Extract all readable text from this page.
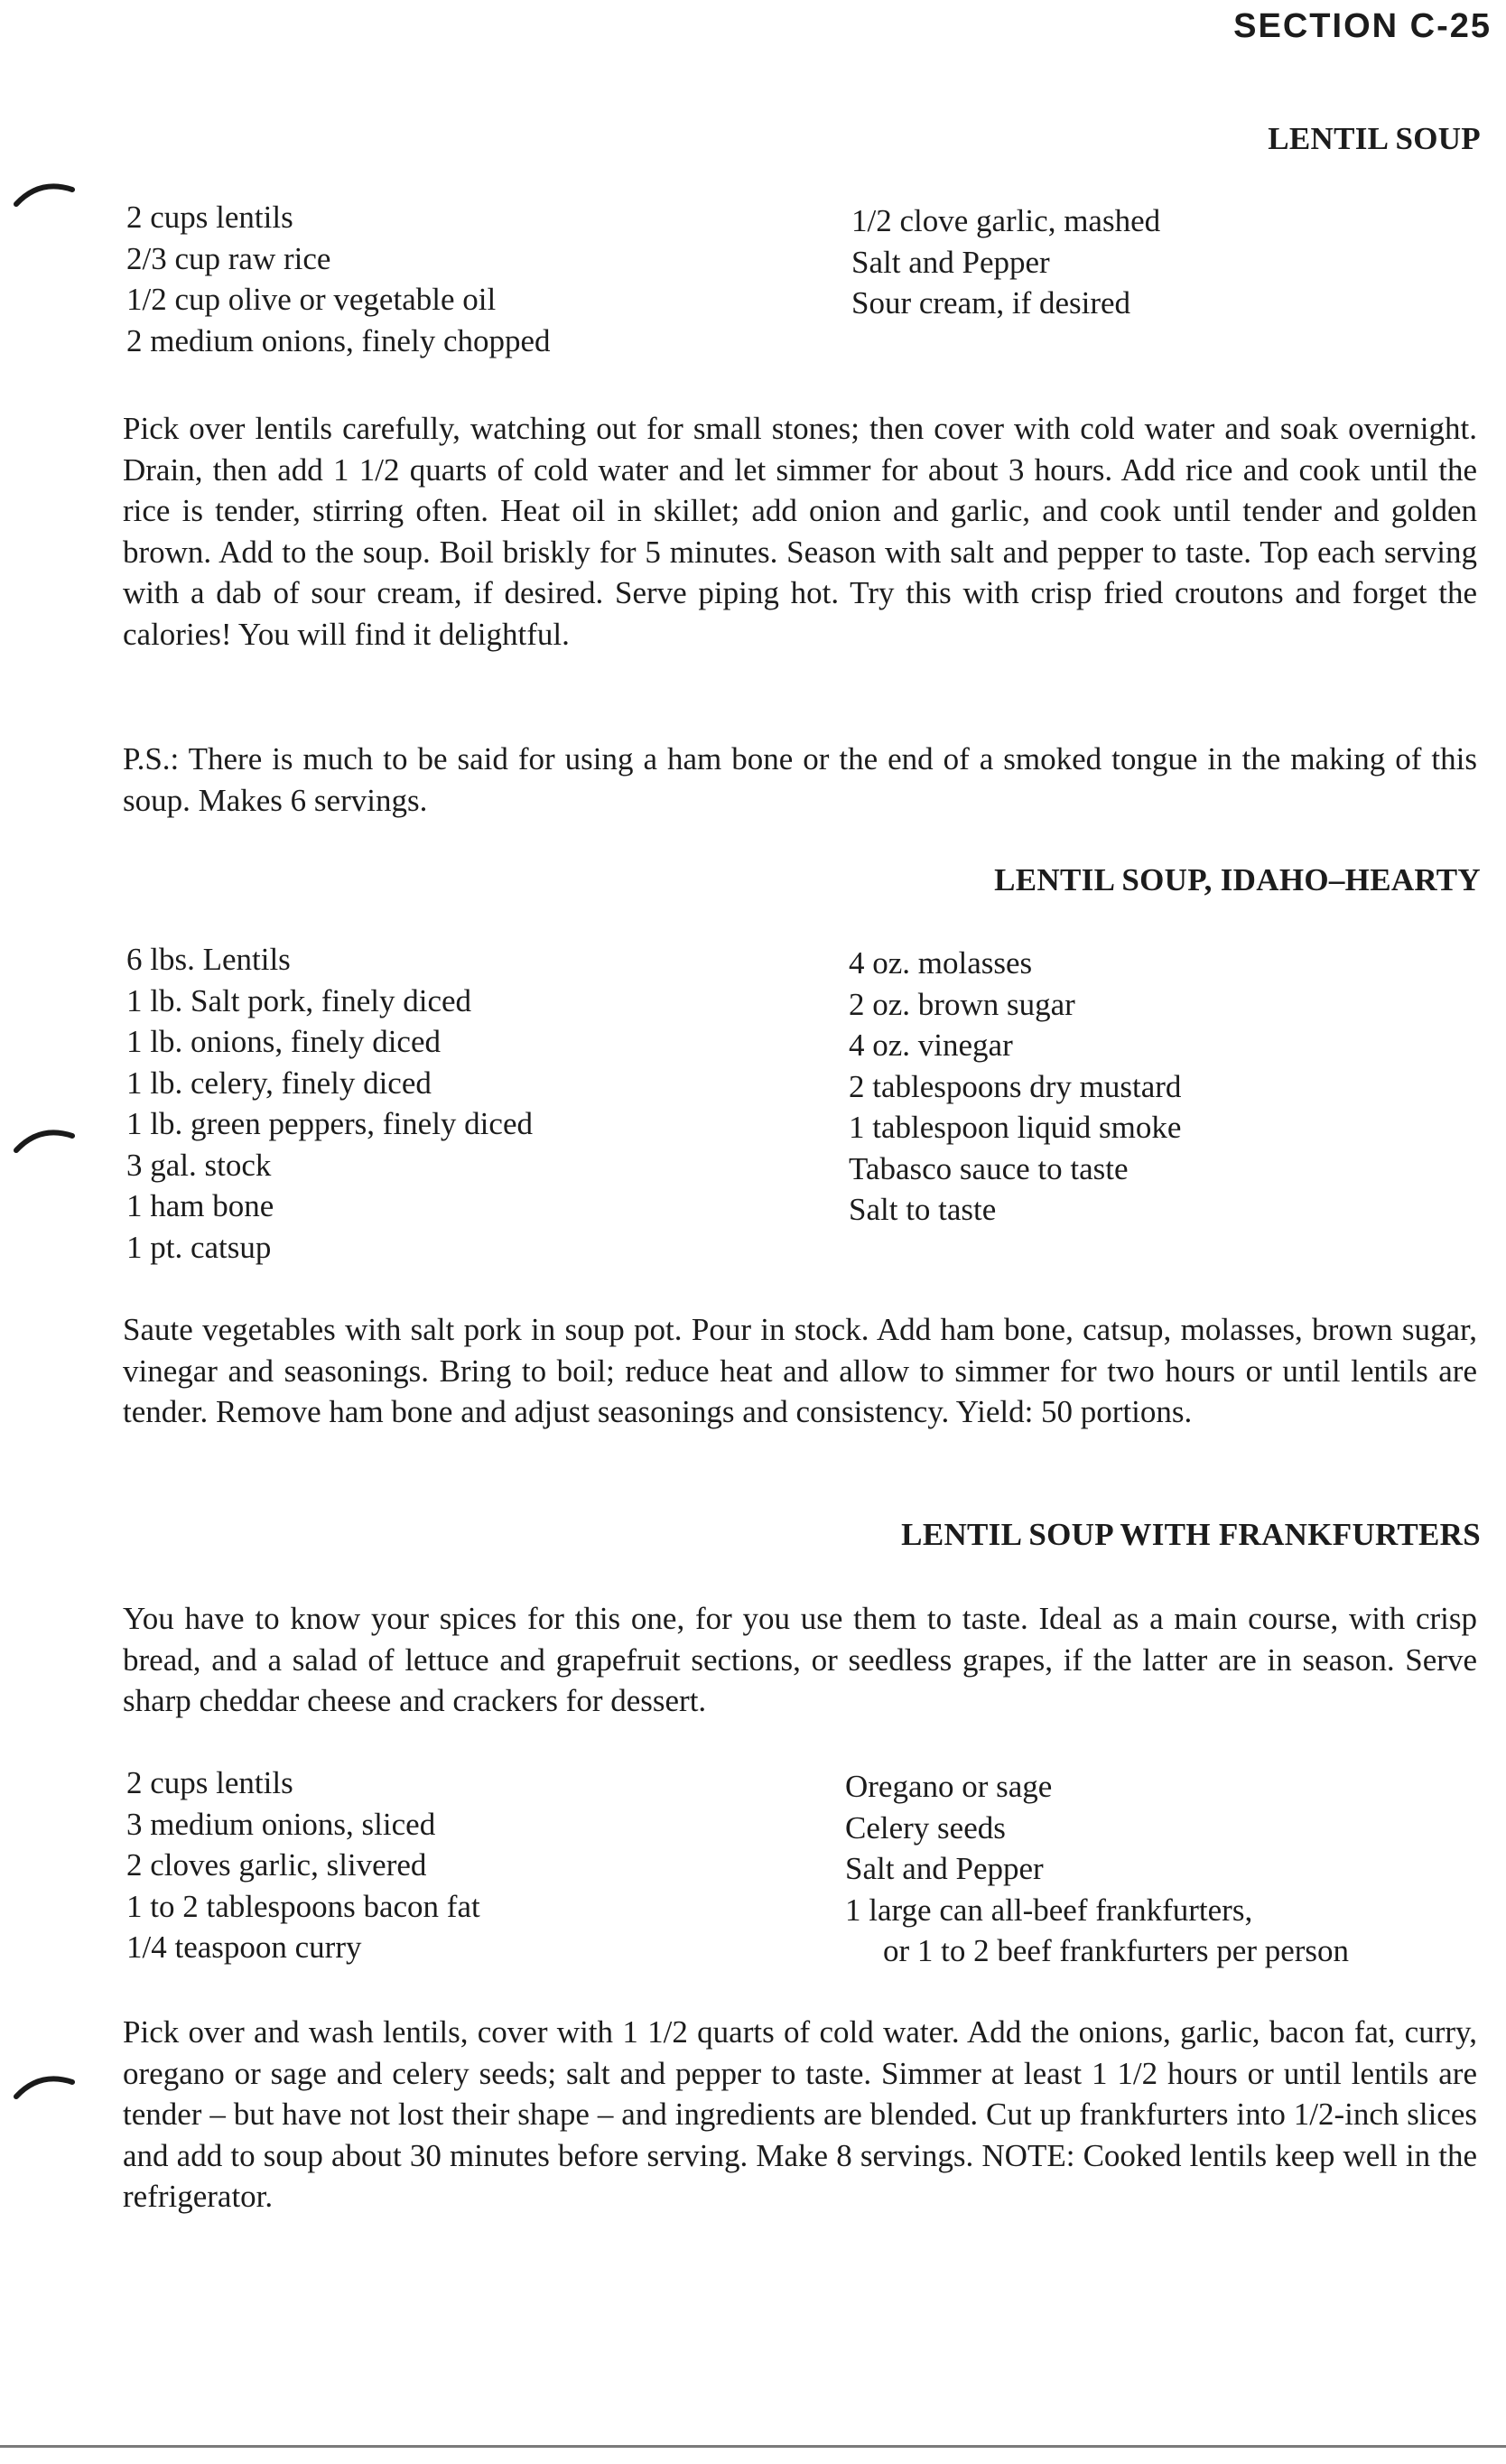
SECTION C-25
LENTIL SOUP
2 cups lentils
2/3 cup raw rice
1/2 cup olive or vegetable oil
2 medium onions, finely chopped
1/2 clove garlic, mashed
Salt and Pepper
Sour cream, if desired

Pick over lentils carefully, watching out for small stones; then cover with cold water and soak overnight. Drain, then add 1 1/2 quarts of cold water and let simmer for about 3 hours. Add rice and cook until the rice is tender, stirring often. Heat oil in skillet; add onion and garlic, and cook until tender and golden brown. Add to the soup. Boil briskly for 5 minutes. Season with salt and pepper to taste. Top each serving with a dab of sour cream, if desired. Serve piping hot. Try this with crisp fried croutons and forget the calories! You will find it delightful.

P.S.: There is much to be said for using a ham bone or the end of a smoked tongue in the making of this soup. Makes 6 servings.

LENTIL SOUP, IDAHO–HEARTY
6 lbs. Lentils
1 lb. Salt pork, finely diced
1 lb. onions, finely diced
1 lb. celery, finely diced
1 lb. green peppers, finely diced
3 gal. stock
1 ham bone
1 pt. catsup
4 oz. molasses
2 oz. brown sugar
4 oz. vinegar
2 tablespoons dry mustard
1 tablespoon liquid smoke
Tabasco sauce to taste
Salt to taste

Saute vegetables with salt pork in soup pot. Pour in stock. Add ham bone, catsup, molasses, brown sugar, vinegar and seasonings. Bring to boil; reduce heat and allow to simmer for two hours or until lentils are tender. Remove ham bone and adjust seasonings and consistency. Yield: 50 portions.

LENTIL SOUP WITH FRANKFURTERS

You have to know your spices for this one, for you use them to taste. Ideal as a main course, with crisp bread, and a salad of lettuce and grapefruit sections, or seedless grapes, if the latter are in season. Serve sharp cheddar cheese and crackers for dessert.

2 cups lentils
3 medium onions, sliced
2 cloves garlic, slivered
1 to 2 tablespoons bacon fat
1/4 teaspoon curry
Oregano or sage
Celery seeds
Salt and Pepper
1 large can all-beef frankfurters,
or 1 to 2 beef frankfurters per person

Pick over and wash lentils, cover with 1 1/2 quarts of cold water. Add the onions, garlic, bacon fat, curry, oregano or sage and celery seeds; salt and pepper to taste. Simmer at least 1 1/2 hours or until lentils are tender – but have not lost their shape – and ingredients are blended. Cut up frankfurters into 1/2-inch slices and add to soup about 30 minutes before serving. Make 8 servings. NOTE: Cooked lentils keep well in the refrigerator.
